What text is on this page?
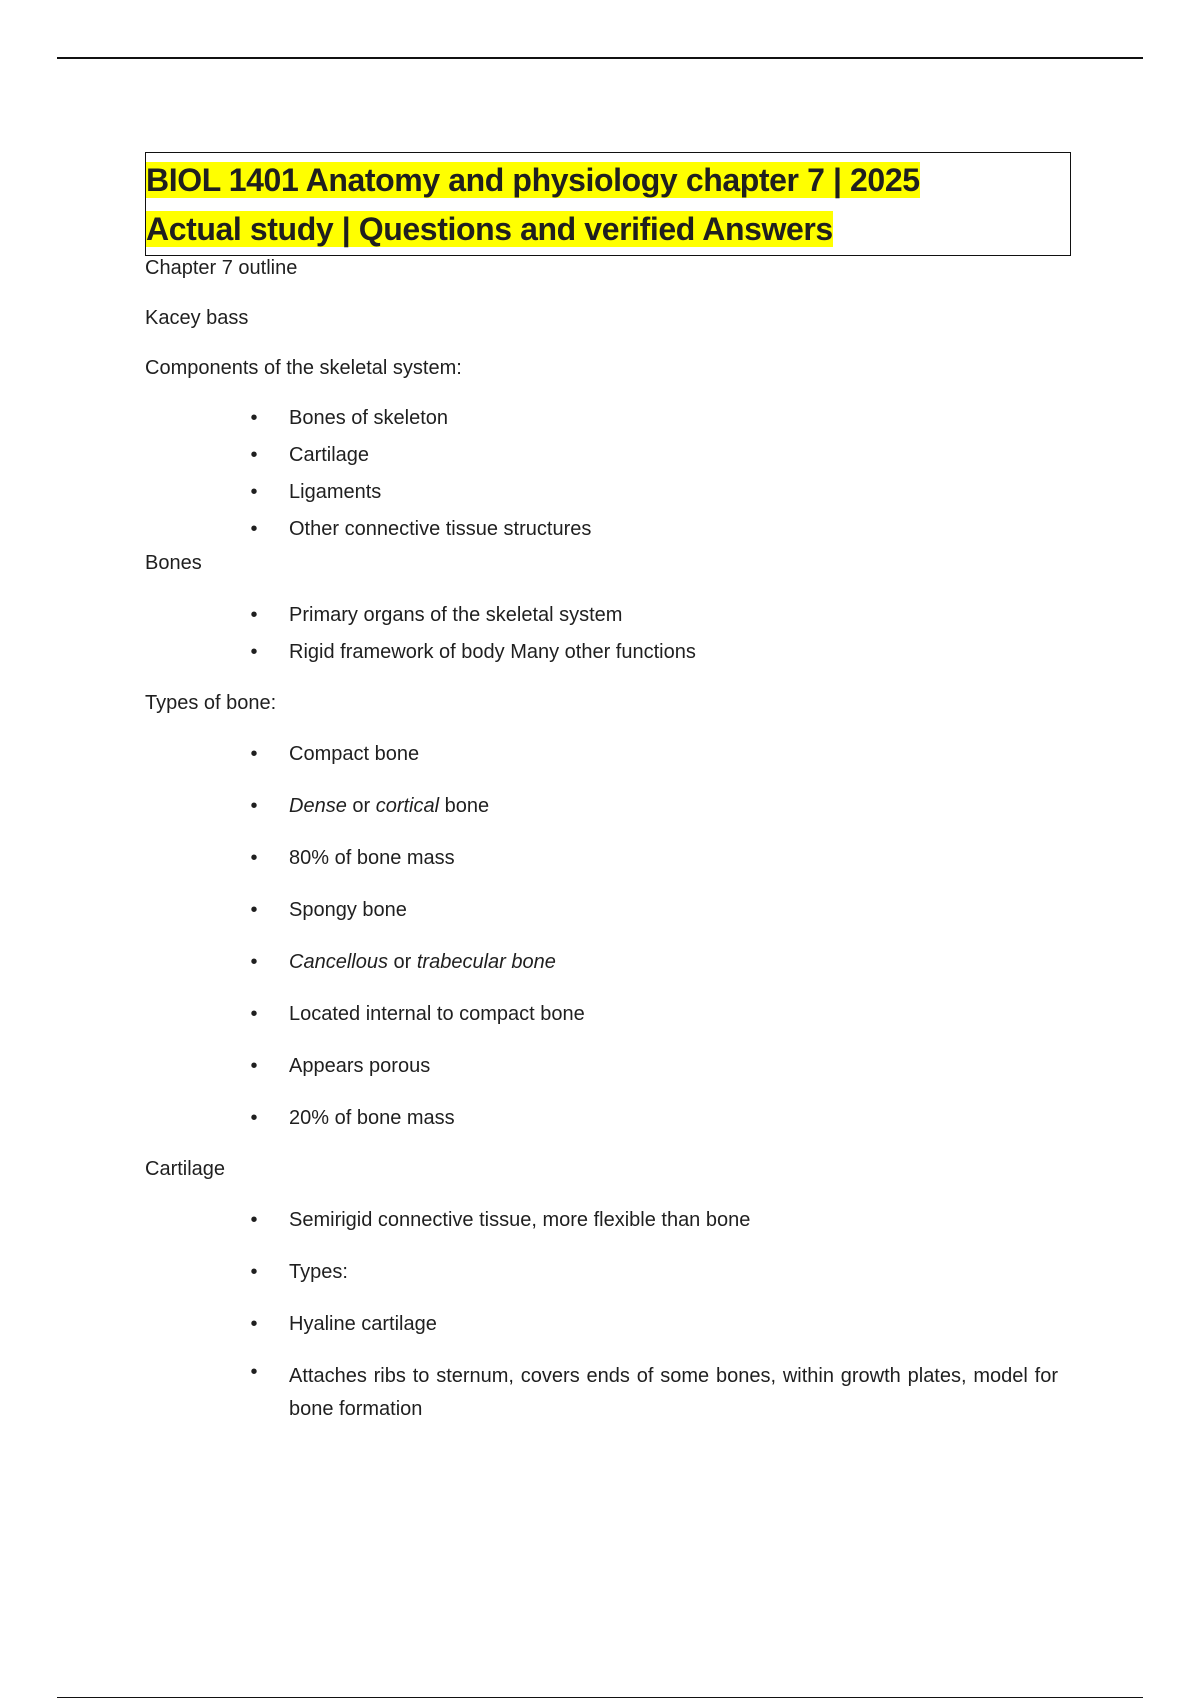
BIOL 1401 Anatomy and physiology chapter 7 | 2025
Actual study | Questions and verified Answers

Chapter 7 outline

Kacey bass

Components of the skeletal system:

• Bones of skeleton
• Cartilage
• Ligaments
• Other connective tissue structures

Bones

• Primary organs of the skeletal system
• Rigid framework of body Many other functions

Types of bone:

• Compact bone
• Dense or cortical bone
• 80% of bone mass
• Spongy bone
• Cancellous or trabecular bone
• Located internal to compact bone
• Appears porous
• 20% of bone mass

Cartilage

• Semirigid connective tissue, more flexible than bone
• Types:
• Hyaline cartilage
• Attaches ribs to sternum, covers ends of some bones, within growth plates, model for bone formation
